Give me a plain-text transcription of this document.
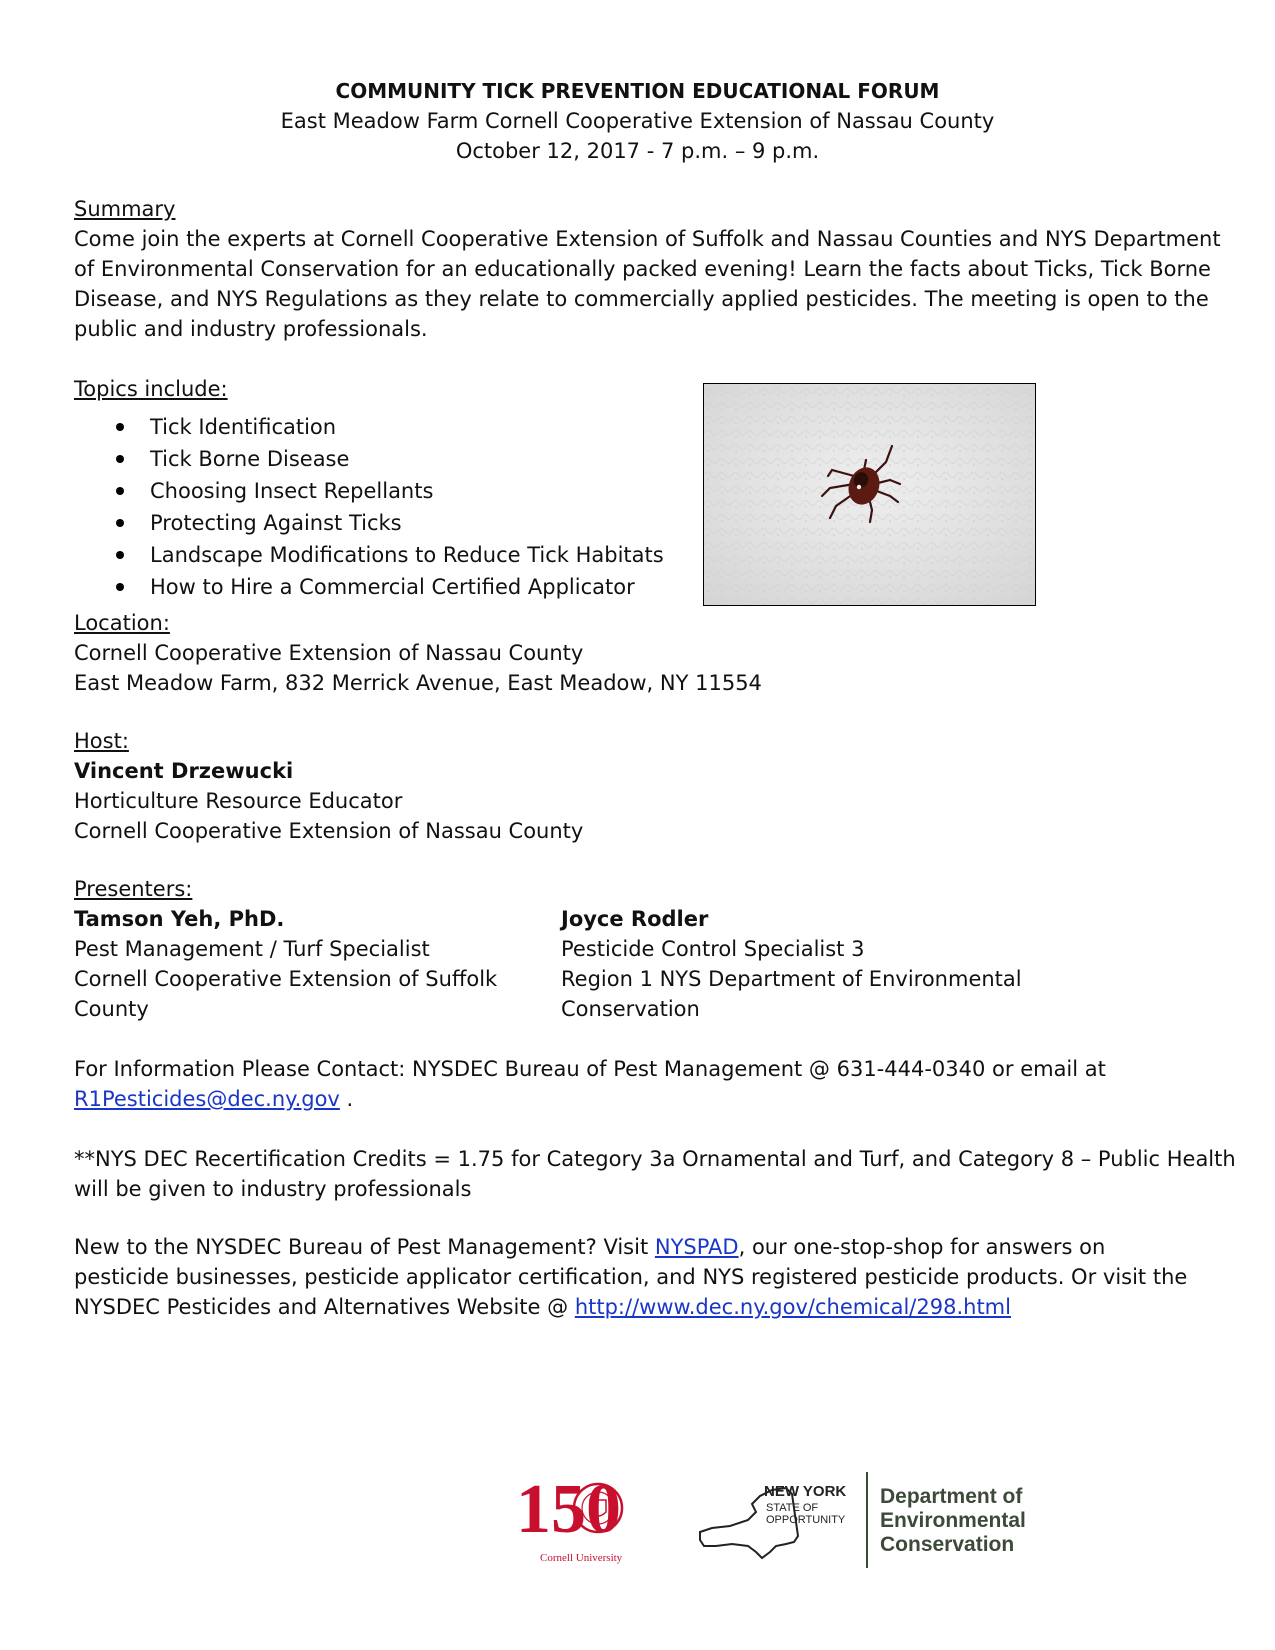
COMMUNITY TICK PREVENTION EDUCATIONAL FORUM
East Meadow Farm Cornell Cooperative Extension of Nassau County
October 12, 2017 - 7 p.m. – 9 p.m.
Summary
Come join the experts at Cornell Cooperative Extension of Suffolk and Nassau Counties and NYS Department
of Environmental Conservation for an educationally packed evening! Learn the facts about Ticks, Tick Borne
Disease, and NYS Regulations as they relate to commercially applied pesticides. The meeting is open to the
public and industry professionals.
Topics include:
Tick Identification
Tick Borne Disease
Choosing Insect Repellants
Protecting Against Ticks
Landscape Modifications to Reduce Tick Habitats
How to Hire a Commercial Certified Applicator
Location:
Cornell Cooperative Extension of Nassau County
East Meadow Farm, 832 Merrick Avenue, East Meadow, NY 11554
Host:
Vincent Drzewucki
Horticulture Resource Educator
Cornell Cooperative Extension of Nassau County
Presenters:
Tamson Yeh, PhD.
Pest Management / Turf Specialist
Cornell Cooperative Extension of Suffolk
County
Joyce Rodler
Pesticide Control Specialist 3
Region 1 NYS Department of Environmental
Conservation
For Information Please Contact: NYSDEC Bureau of Pest Management @ 631-444-0340 or email at
R1Pesticides@dec.ny.gov .
**NYS DEC Recertification Credits = 1.75 for Category 3a Ornamental and Turf, and Category 8 – Public Health
will be given to industry professionals
New to the NYSDEC Bureau of Pest Management? Visit NYSPAD, our one-stop-shop for answers on
pesticide businesses, pesticide applicator certification, and NYS registered pesticide products. Or visit the
NYSDEC Pesticides and Alternatives Website @ http://www.dec.ny.gov/chemical/298.html
150
Cornell University
NEW YORK
STATE OF
OPPORTUNITY
Department of
Environmental
Conservation
